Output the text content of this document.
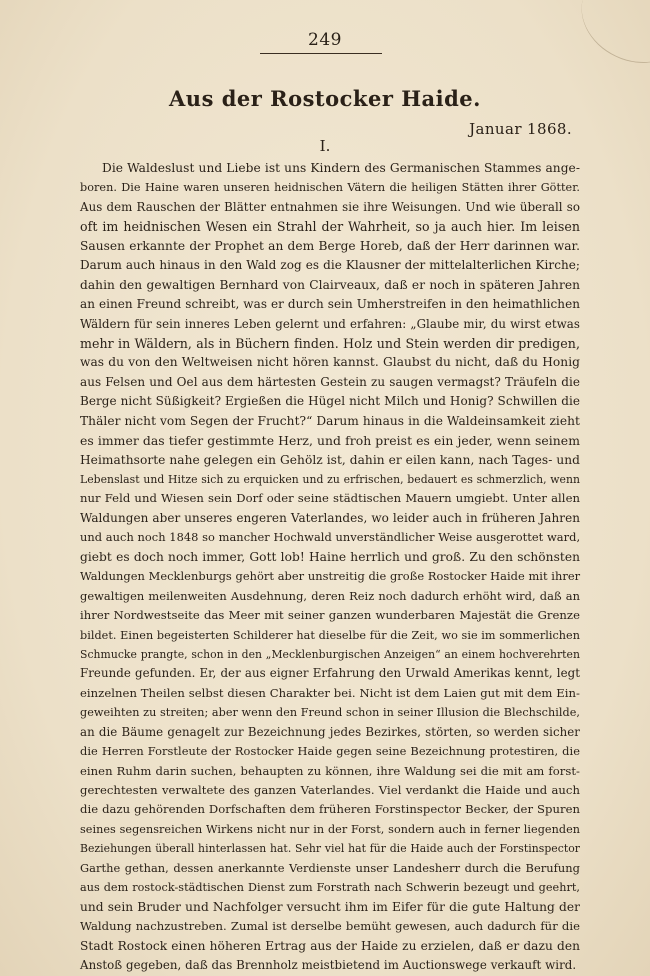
249
Aus der Rostocker Haide.
Januar 1868.
I.
Die Waldeslust und Liebe ist uns Kindern des Germanischen Stammes ange-
boren. Die Haine waren unseren heidnischen Vätern die heiligen Stätten ihrer Götter.
Aus dem Rauschen der Blätter entnahmen sie ihre Weisungen. Und wie überall so
oft im heidnischen Wesen ein Strahl der Wahrheit, so ja auch hier. Im leisen
Sausen erkannte der Prophet an dem Berge Horeb, daß der Herr darinnen war.
Darum auch hinaus in den Wald zog es die Klausner der mittelalterlichen Kirche;
dahin den gewaltigen Bernhard von Clairveaux, daß er noch in späteren Jahren
an einen Freund schreibt, was er durch sein Umherstreifen in den heimathlichen
Wäldern für sein inneres Leben gelernt und erfahren: „Glaube mir, du wirst etwas
mehr in Wäldern, als in Büchern finden. Holz und Stein werden dir predigen,
was du von den Weltweisen nicht hören kannst. Glaubst du nicht, daß du Honig
aus Felsen und Oel aus dem härtesten Gestein zu saugen vermagst? Träufeln die
Berge nicht Süßigkeit? Ergießen die Hügel nicht Milch und Honig? Schwillen die
Thäler nicht vom Segen der Frucht?“ Darum hinaus in die Waldeinsamkeit zieht
es immer das tiefer gestimmte Herz, und froh preist es ein jeder, wenn seinem
Heimathsorte nahe gelegen ein Gehölz ist, dahin er eilen kann, nach Tages- und
Lebenslast und Hitze sich zu erquicken und zu erfrischen, bedauert es schmerzlich, wenn
nur Feld und Wiesen sein Dorf oder seine städtischen Mauern umgiebt. Unter allen
Waldungen aber unseres engeren Vaterlandes, wo leider auch in früheren Jahren
und auch noch 1848 so mancher Hochwald unverständlicher Weise ausgerottet ward,
giebt es doch noch immer, Gott lob! Haine herrlich und groß. Zu den schönsten
Waldungen Mecklenburgs gehört aber unstreitig die große Rostocker Haide mit ihrer
gewaltigen meilenweiten Ausdehnung, deren Reiz noch dadurch erhöht wird, daß an
ihrer Nordwestseite das Meer mit seiner ganzen wunderbaren Majestät die Grenze
bildet. Einen begeisterten Schilderer hat dieselbe für die Zeit, wo sie im sommerlichen
Schmucke prangte, schon in den „Mecklenburgischen Anzeigen“ an einem hochverehrten
Freunde gefunden. Er, der aus eigner Erfahrung den Urwald Amerikas kennt, legt
einzelnen Theilen selbst diesen Charakter bei. Nicht ist dem Laien gut mit dem Ein-
geweihten zu streiten; aber wenn den Freund schon in seiner Illusion die Blechschilde,
an die Bäume genagelt zur Bezeichnung jedes Bezirkes, störten, so werden sicher
die Herren Forstleute der Rostocker Haide gegen seine Bezeichnung protestiren, die
einen Ruhm darin suchen, behaupten zu können, ihre Waldung sei die mit am forst-
gerechtesten verwaltete des ganzen Vaterlandes. Viel verdankt die Haide und auch
die dazu gehörenden Dorfschaften dem früheren Forstinspector Becker, der Spuren
seines segensreichen Wirkens nicht nur in der Forst, sondern auch in ferner liegenden
Beziehungen überall hinterlassen hat. Sehr viel hat für die Haide auch der Forstinspector
Garthe gethan, dessen anerkannte Verdienste unser Landesherr durch die Berufung
aus dem rostock-städtischen Dienst zum Forstrath nach Schwerin bezeugt und geehrt,
und sein Bruder und Nachfolger versucht ihm im Eifer für die gute Haltung der
Waldung nachzustreben. Zumal ist derselbe bemüht gewesen, auch dadurch für die
Stadt Rostock einen höheren Ertrag aus der Haide zu erzielen, daß er dazu den
Anstoß gegeben, daß das Brennholz meistbietend im Auctionswege verkauft wird.
